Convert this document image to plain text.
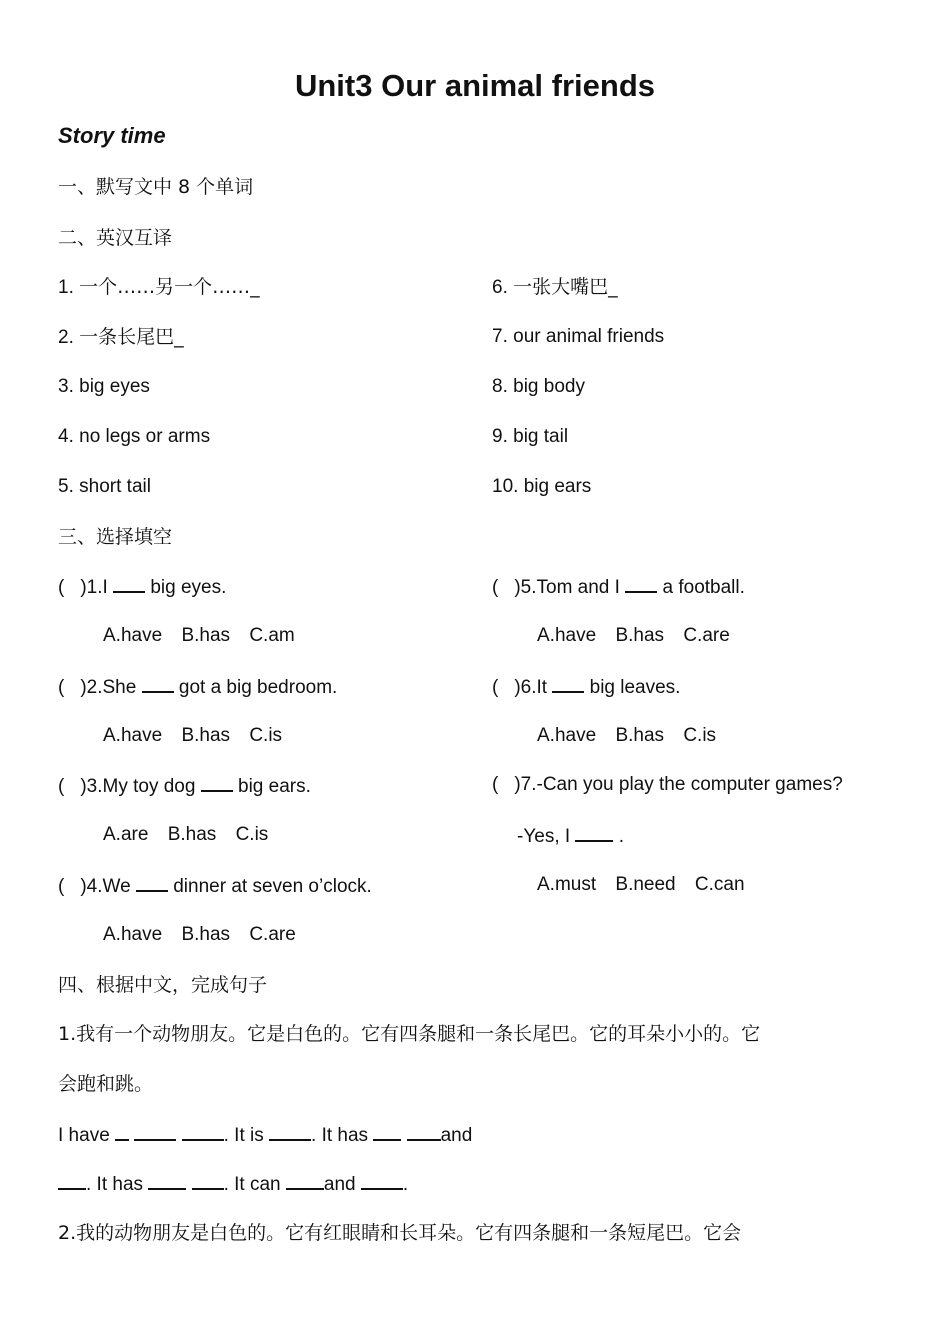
Unit3 Our animal friends
Story time
一、默写文中 8 个单词
二、英汉互译
1. 一个……另一个……_
2. 一条长尾巴_
3. big eyes
4. no legs or arms
5. short tail
6. 一张大嘴巴_
7. our animal friends
8. big body
9. big tail
10. big ears
三、选择填空
( )1.I big eyes.
A.have B.has C.am
( )2.She got a big bedroom.
A.have B.has C.is
( )3.My toy dog big ears.
A.are B.has C.is
( )4.We dinner at seven o’clock.
A.have B.has C.are
( )5.Tom and I a football.
A.have B.has C.are
( )6.It big leaves.
A.have B.has C.is
( )7.-Can you play the computer games?
-Yes, I	.
A.must B.need C.can
四、根据中文，完成句子
1.我有一个动物朋友。它是白色的。它有四条腿和一条长尾巴。它的耳朵小小的。它
会跑和跳。
I have	. It is . It has	and
. It has	. It can and .
2.我的动物朋友是白色的。它有红眼睛和长耳朵。它有四条腿和一条短尾巴。它会
